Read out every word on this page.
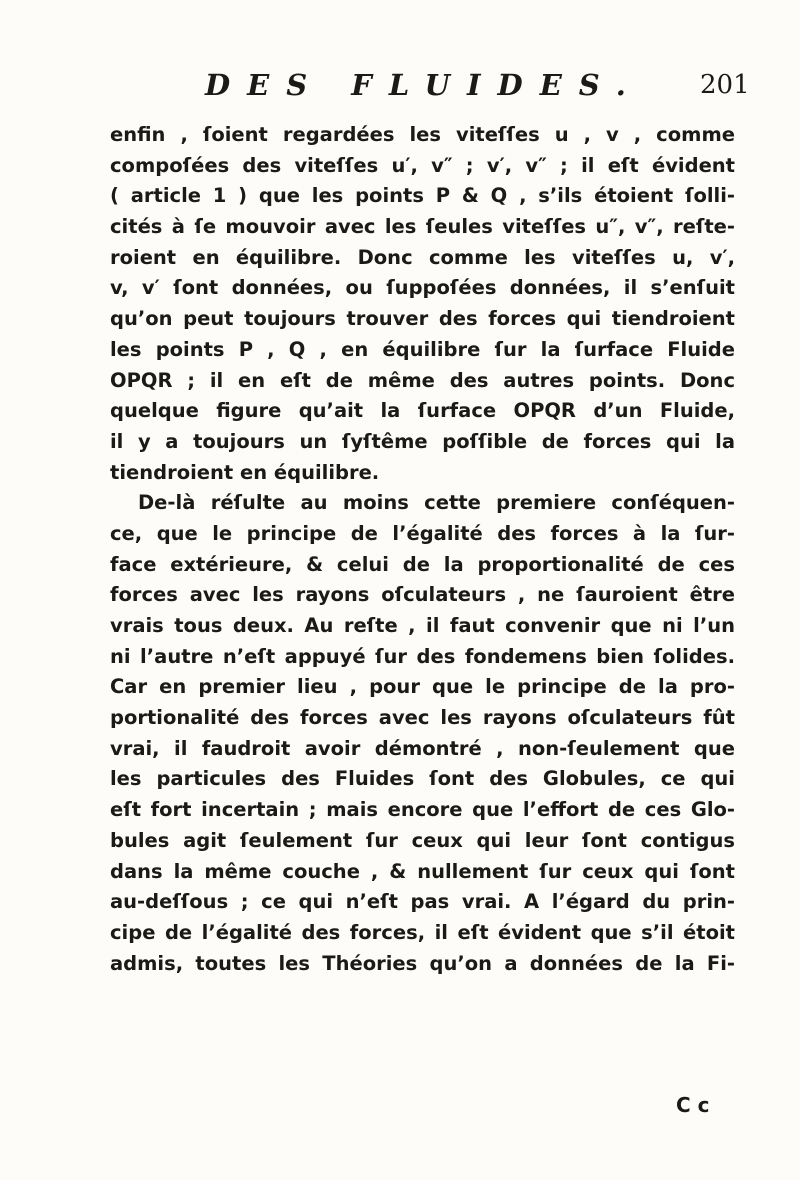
DES FLUIDES. 201
enfin , ſoient regardées les viteſſes u , v , comme
compoſées des viteſſes u′, v″ ; v′, v″ ; il eſt évident
( article 1 ) que les points P & Q , s’ils étoient ſolli-
cités à ſe mouvoir avec les ſeules viteſſes u″, v″, reſte-
roient en équilibre. Donc comme les viteſſes u, v′,
v, v′ ſont données, ou ſuppoſées données, il s’enſuit
qu’on peut toujours trouver des forces qui tiendroient
les points P , Q , en équilibre ſur la ſurface Fluide
OPQR ; il en eſt de même des autres points. Donc
quelque figure qu’ait la ſurface OPQR d’un Fluide,
il y a toujours un ſyſtême poſſible de forces qui la
tiendroient en équilibre.
De-là réſulte au moins cette premiere conſéquen-
ce, que le principe de l’égalité des forces à la ſur-
face extérieure, & celui de la proportionalité de ces
forces avec les rayons oſculateurs , ne ſauroient être
vrais tous deux. Au reſte , il faut convenir que ni l’un
ni l’autre n’eſt appuyé ſur des fondemens bien ſolides.
Car en premier lieu , pour que le principe de la pro-
portionalité des forces avec les rayons oſculateurs fût
vrai, il faudroit avoir démontré , non-ſeulement que
les particules des Fluides ſont des Globules, ce qui
eſt fort incertain ; mais encore que l’effort de ces Glo-
bules agit ſeulement ſur ceux qui leur ſont contigus
dans la même couche , & nullement ſur ceux qui ſont
au-deſſous ; ce qui n’eſt pas vrai. A l’égard du prin-
cipe de l’égalité des forces, il eſt évident que s’il étoit
admis, toutes les Théories qu’on a données de la Fi-
C c
